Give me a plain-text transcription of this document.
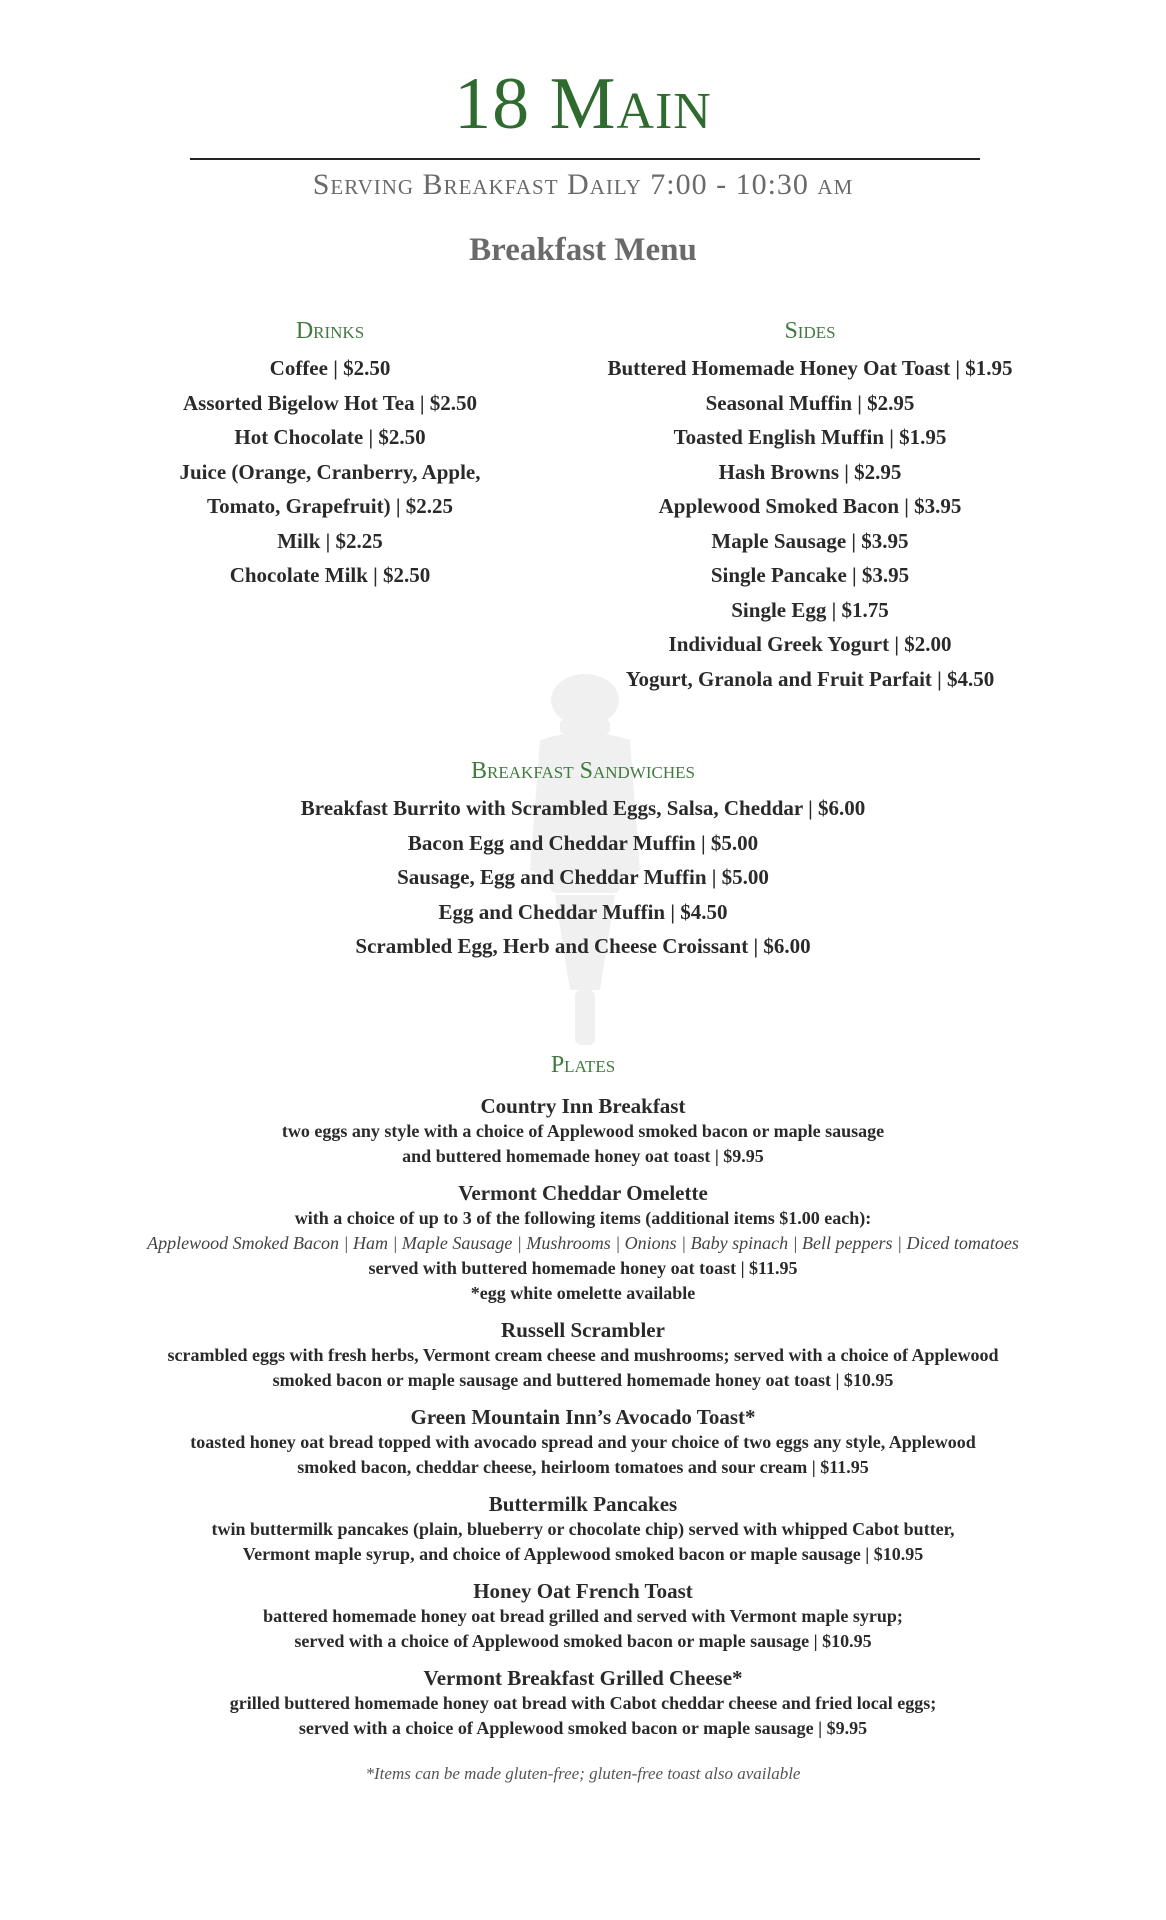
18 Main
Serving Breakfast Daily 7:00 - 10:30 am
Breakfast Menu
Drinks
Coffee | $2.50
Assorted Bigelow Hot Tea | $2.50
Hot Chocolate | $2.50
Juice (Orange, Cranberry, Apple,
Tomato, Grapefruit) | $2.25
Milk | $2.25
Chocolate Milk | $2.50
Sides
Buttered Homemade Honey Oat Toast | $1.95
Seasonal Muffin | $2.95
Toasted English Muffin | $1.95
Hash Browns | $2.95
Applewood Smoked Bacon | $3.95
Maple Sausage | $3.95
Single Pancake | $3.95
Single Egg | $1.75
Individual Greek Yogurt | $2.00
Yogurt, Granola and Fruit Parfait | $4.50
Breakfast Sandwiches
Breakfast Burrito with Scrambled Eggs, Salsa, Cheddar | $6.00
Bacon Egg and Cheddar Muffin | $5.00
Sausage, Egg and Cheddar Muffin | $5.00
Egg and Cheddar Muffin | $4.50
Scrambled Egg, Herb and Cheese Croissant | $6.00
Plates
Country Inn Breakfast
two eggs any style with a choice of Applewood smoked bacon or maple sausage
and buttered homemade honey oat toast | $9.95
Vermont Cheddar Omelette
with a choice of up to 3 of the following items (additional items $1.00 each):
Applewood Smoked Bacon | Ham | Maple Sausage | Mushrooms | Onions | Baby spinach | Bell peppers | Diced tomatoes
served with buttered homemade honey oat toast | $11.95
*egg white omelette available
Russell Scrambler
scrambled eggs with fresh herbs, Vermont cream cheese and mushrooms; served with a choice of Applewood
smoked bacon or maple sausage and buttered homemade honey oat toast | $10.95
Green Mountain Inn’s Avocado Toast*
toasted honey oat bread topped with avocado spread and your choice of two eggs any style, Applewood
smoked bacon, cheddar cheese, heirloom tomatoes and sour cream | $11.95
Buttermilk Pancakes
twin buttermilk pancakes (plain, blueberry or chocolate chip) served with whipped Cabot butter,
Vermont maple syrup, and choice of Applewood smoked bacon or maple sausage | $10.95
Honey Oat French Toast
battered homemade honey oat bread grilled and served with Vermont maple syrup;
served with a choice of Applewood smoked bacon or maple sausage | $10.95
Vermont Breakfast Grilled Cheese*
grilled buttered homemade honey oat bread with Cabot cheddar cheese and fried local eggs;
served with a choice of Applewood smoked bacon or maple sausage | $9.95
*Items can be made gluten-free; gluten-free toast also available
